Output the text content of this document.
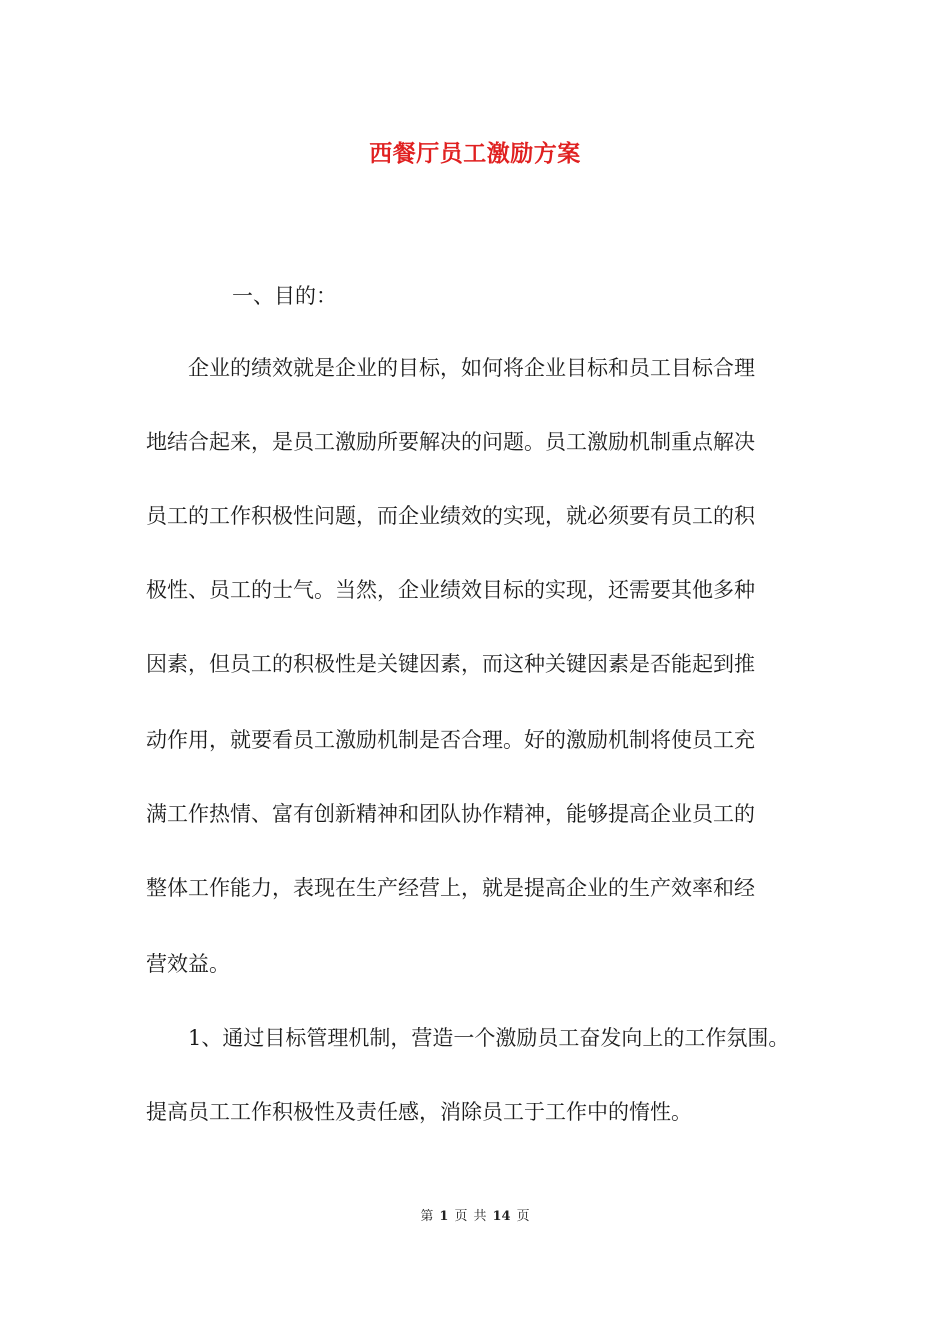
西餐厅员工激励方案
一、目的：
企业的绩效就是企业的目标，如何将企业目标和员工目标合理
地结合起来，是员工激励所要解决的问题。员工激励机制重点解决
员工的工作积极性问题，而企业绩效的实现，就必须要有员工的积
极性、员工的士气。当然，企业绩效目标的实现，还需要其他多种
因素，但员工的积极性是关键因素，而这种关键因素是否能起到推
动作用，就要看员工激励机制是否合理。好的激励机制将使员工充
满工作热情、富有创新精神和团队协作精神，能够提高企业员工的
整体工作能力，表现在生产经营上，就是提高企业的生产效率和经
营效益。
1、通过目标管理机制，营造一个激励员工奋发向上的工作氛围。
提高员工工作积极性及责任感，消除员工于工作中的惰性。
第 1 页 共 14 页
